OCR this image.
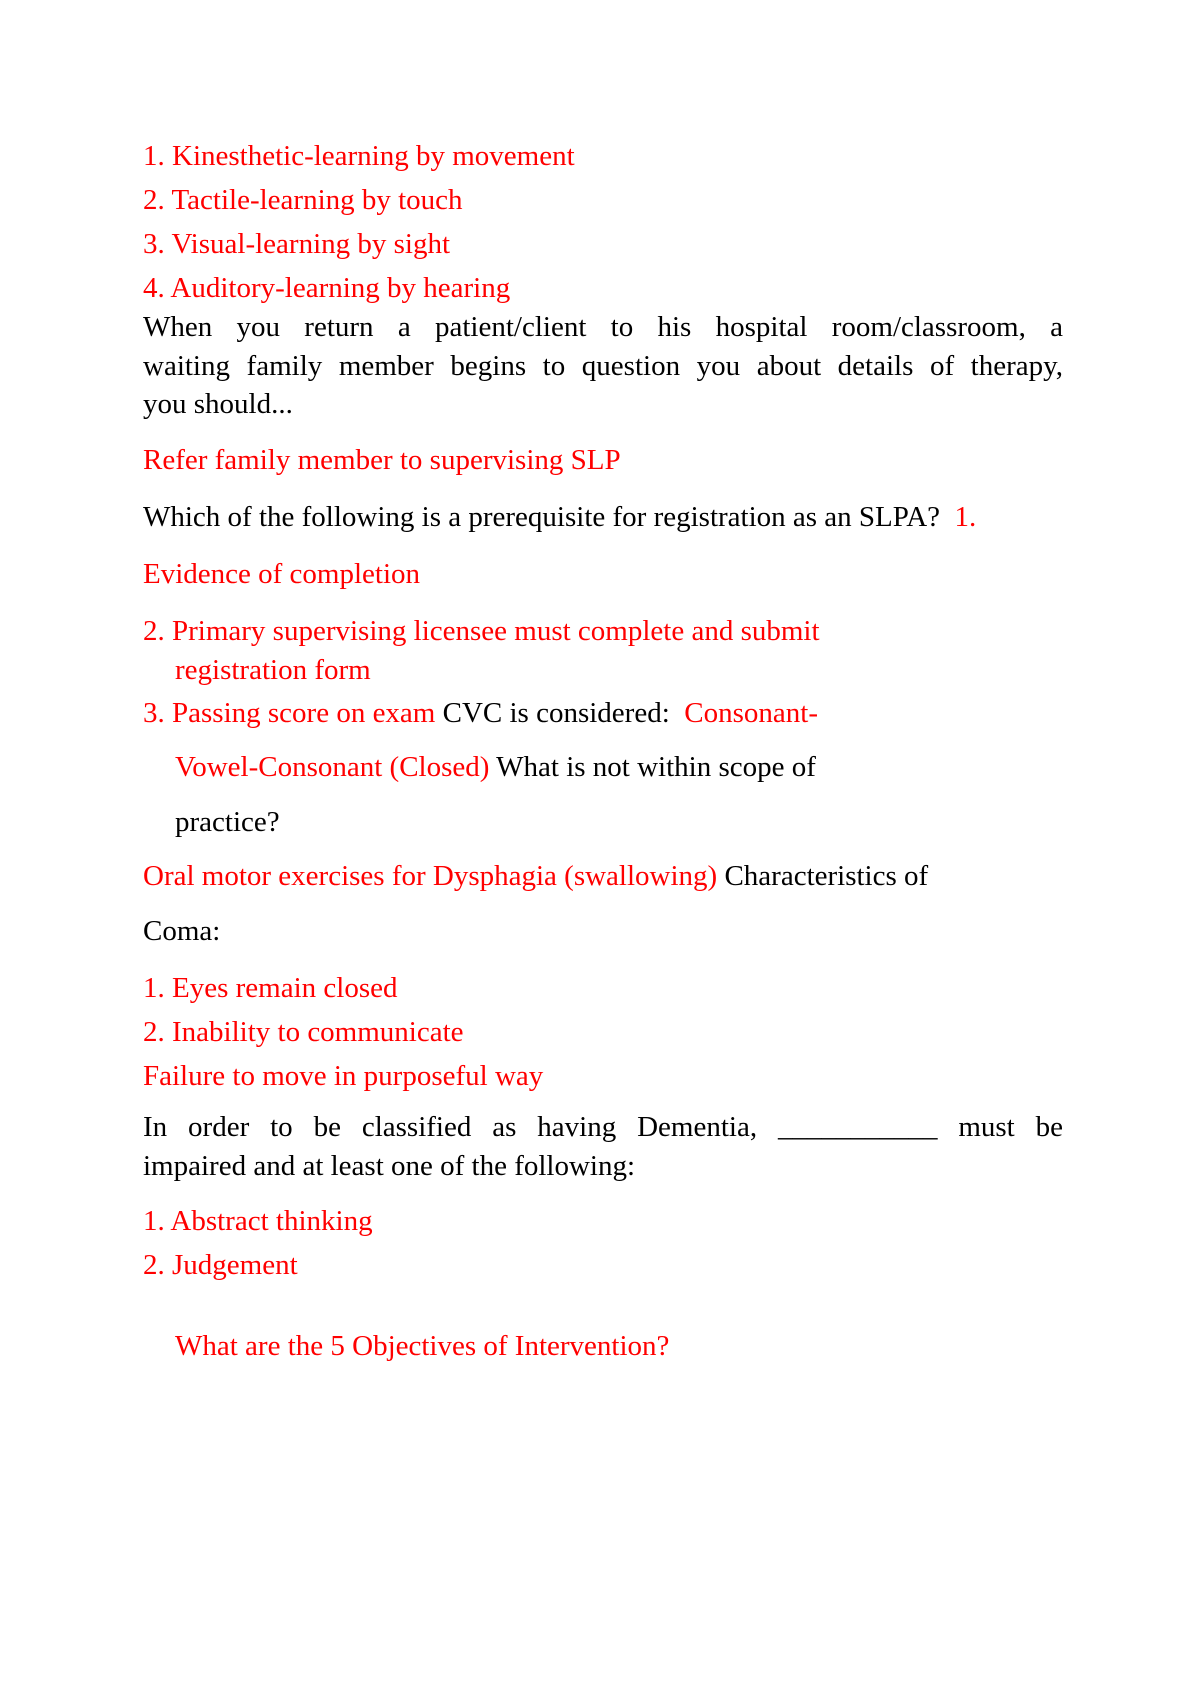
1. Kinesthetic-learning by movement
2. Tactile-learning by touch
3. Visual-learning by sight
4. Auditory-learning by hearing
When you return a patient/client to his hospital room/classroom, a
waiting family member begins to question you about details of therapy,
you should...
Refer family member to supervising SLP
Which of the following is a prerequisite for registration as an SLPA? 1.
Evidence of completion
2. Primary supervising licensee must complete and submit
registration form
3. Passing score on exam CVC is considered: Consonant-
Vowel-Consonant (Closed) What is not within scope of
practice?
Oral motor exercises for Dysphagia (swallowing) Characteristics of
Coma:
1. Eyes remain closed
2. Inability to communicate
Failure to move in purposeful way
In order to be classified as having Dementia, ___________ must be
impaired and at least one of the following:
1. Abstract thinking
2. Judgement
What are the 5 Objectives of Intervention?
